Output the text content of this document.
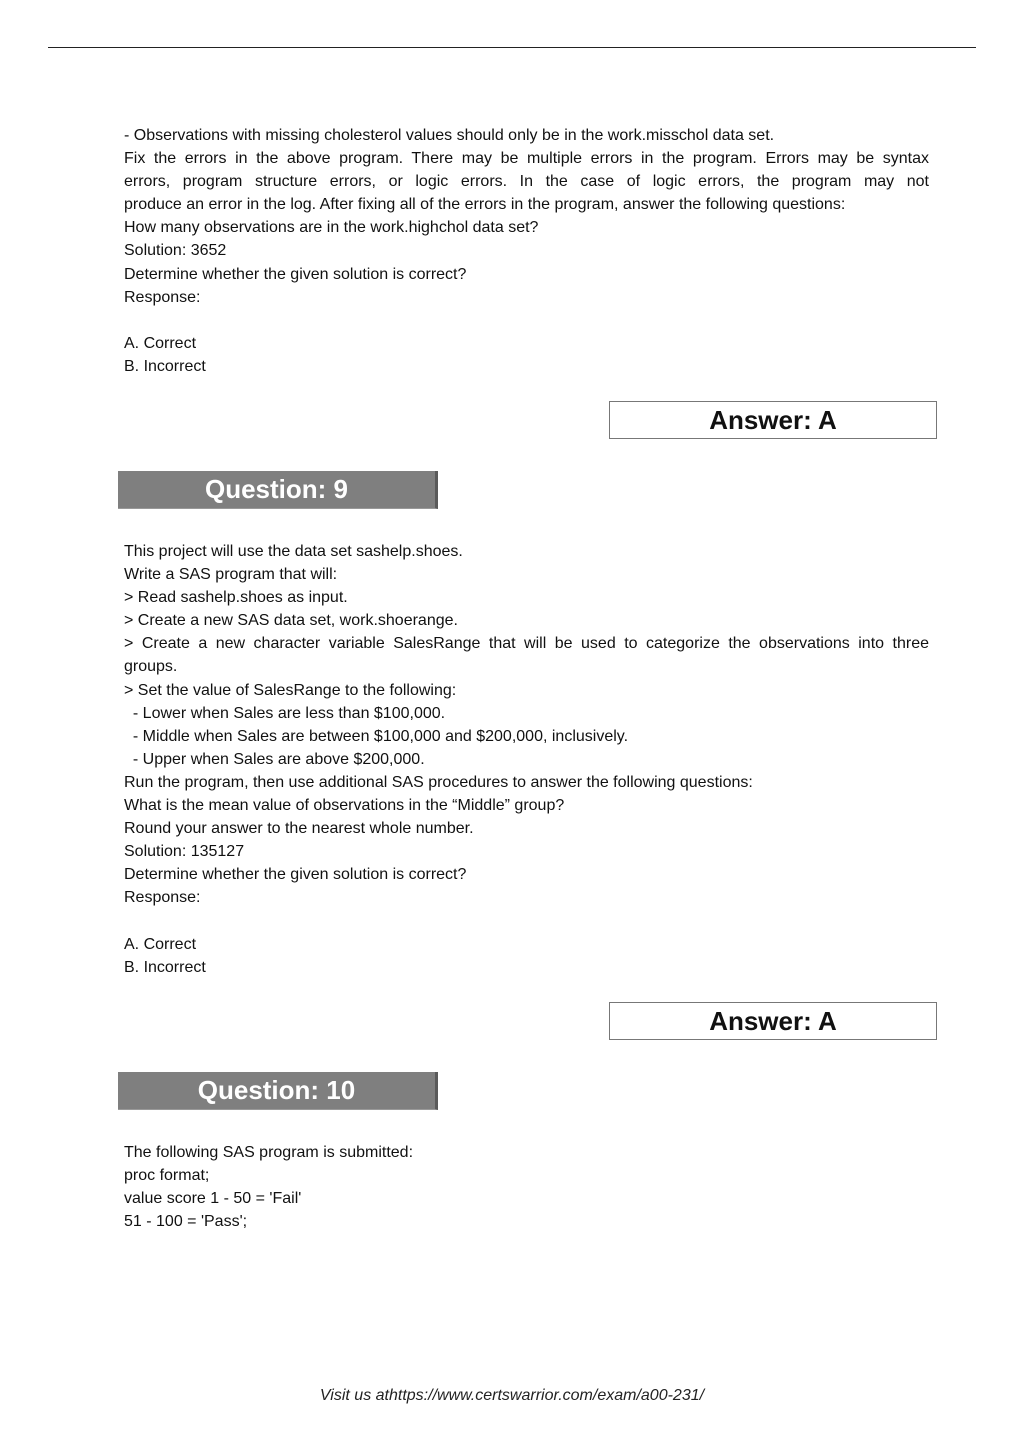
- Observations with missing cholesterol values should only be in the work.misschol data set.
Fix the errors in the above program. There may be multiple errors in the program. Errors may be syntax
errors, program structure errors, or logic errors. In the case of logic errors, the program may not
produce an error in the log. After fixing all of the errors in the program, answer the following questions:
How many observations are in the work.highchol data set?
Solution: 3652
Determine whether the given solution is correct?
Response:
A. Correct
B. Incorrect
Answer: A
Question: 9
This project will use the data set sashelp.shoes.
Write a SAS program that will:
> Read sashelp.shoes as input.
> Create a new SAS data set, work.shoerange.
> Create a new character variable SalesRange that will be used to categorize the observations into three
groups.
> Set the value of SalesRange to the following:
- Lower when Sales are less than $100,000.
- Middle when Sales are between $100,000 and $200,000, inclusively.
- Upper when Sales are above $200,000.
Run the program, then use additional SAS procedures to answer the following questions:
What is the mean value of observations in the “Middle” group?
Round your answer to the nearest whole number.
Solution: 135127
Determine whether the given solution is correct?
Response:
A. Correct
B. Incorrect
Answer: A
Question: 10
The following SAS program is submitted:
proc format;
value score 1 - 50 = 'Fail'
51 - 100 = 'Pass';
Visit us athttps://www.certswarrior.com/exam/a00-231/
